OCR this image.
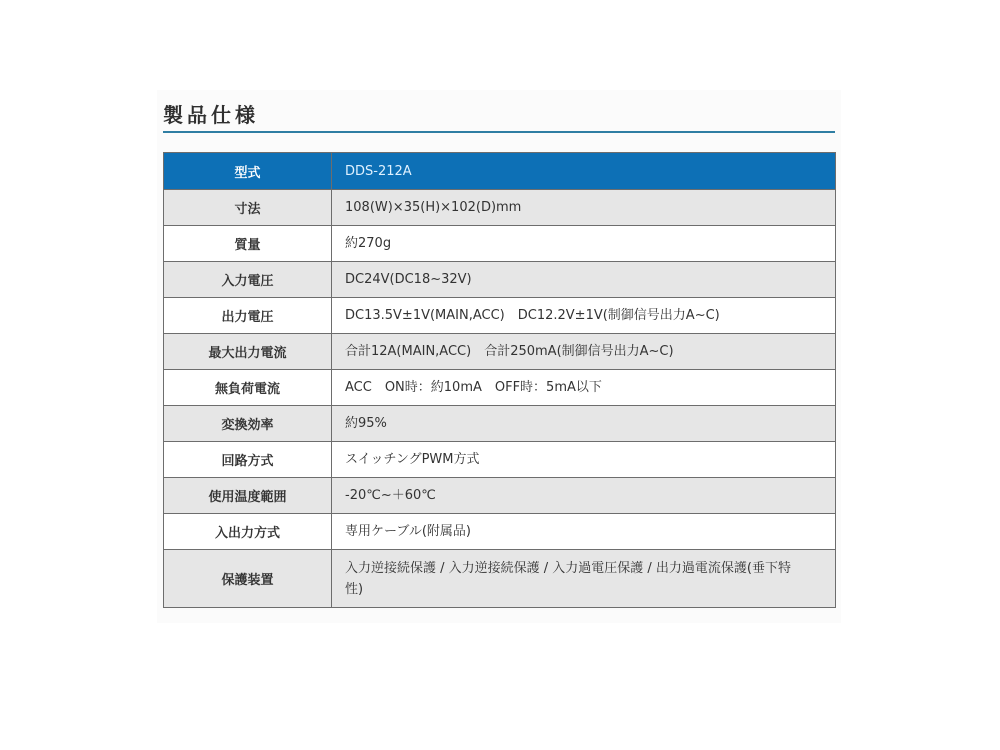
製品仕様
型式	DDS-212A
寸法	108(W)×35(H)×102(D)mm
質量	約270g
入力電圧	DC24V(DC18~32V)
出力電圧	DC13.5V±1V(MAIN,ACC)　DC12.2V±1V(制御信号出力A~C)
最大出力電流	合計12A(MAIN,ACC)　合計250mA(制御信号出力A~C)
無負荷電流	ACC　ON時：約10mA　OFF時：5mA以下
変換効率	約95%
回路方式	スイッチングPWM方式
使用温度範囲	-20℃~＋60℃
入出力方式	専用ケーブル(附属品)
保護装置	入力逆接続保護 / 入力逆接続保護 / 入力過電圧保護 / 出力過電流保護(垂下特性)
